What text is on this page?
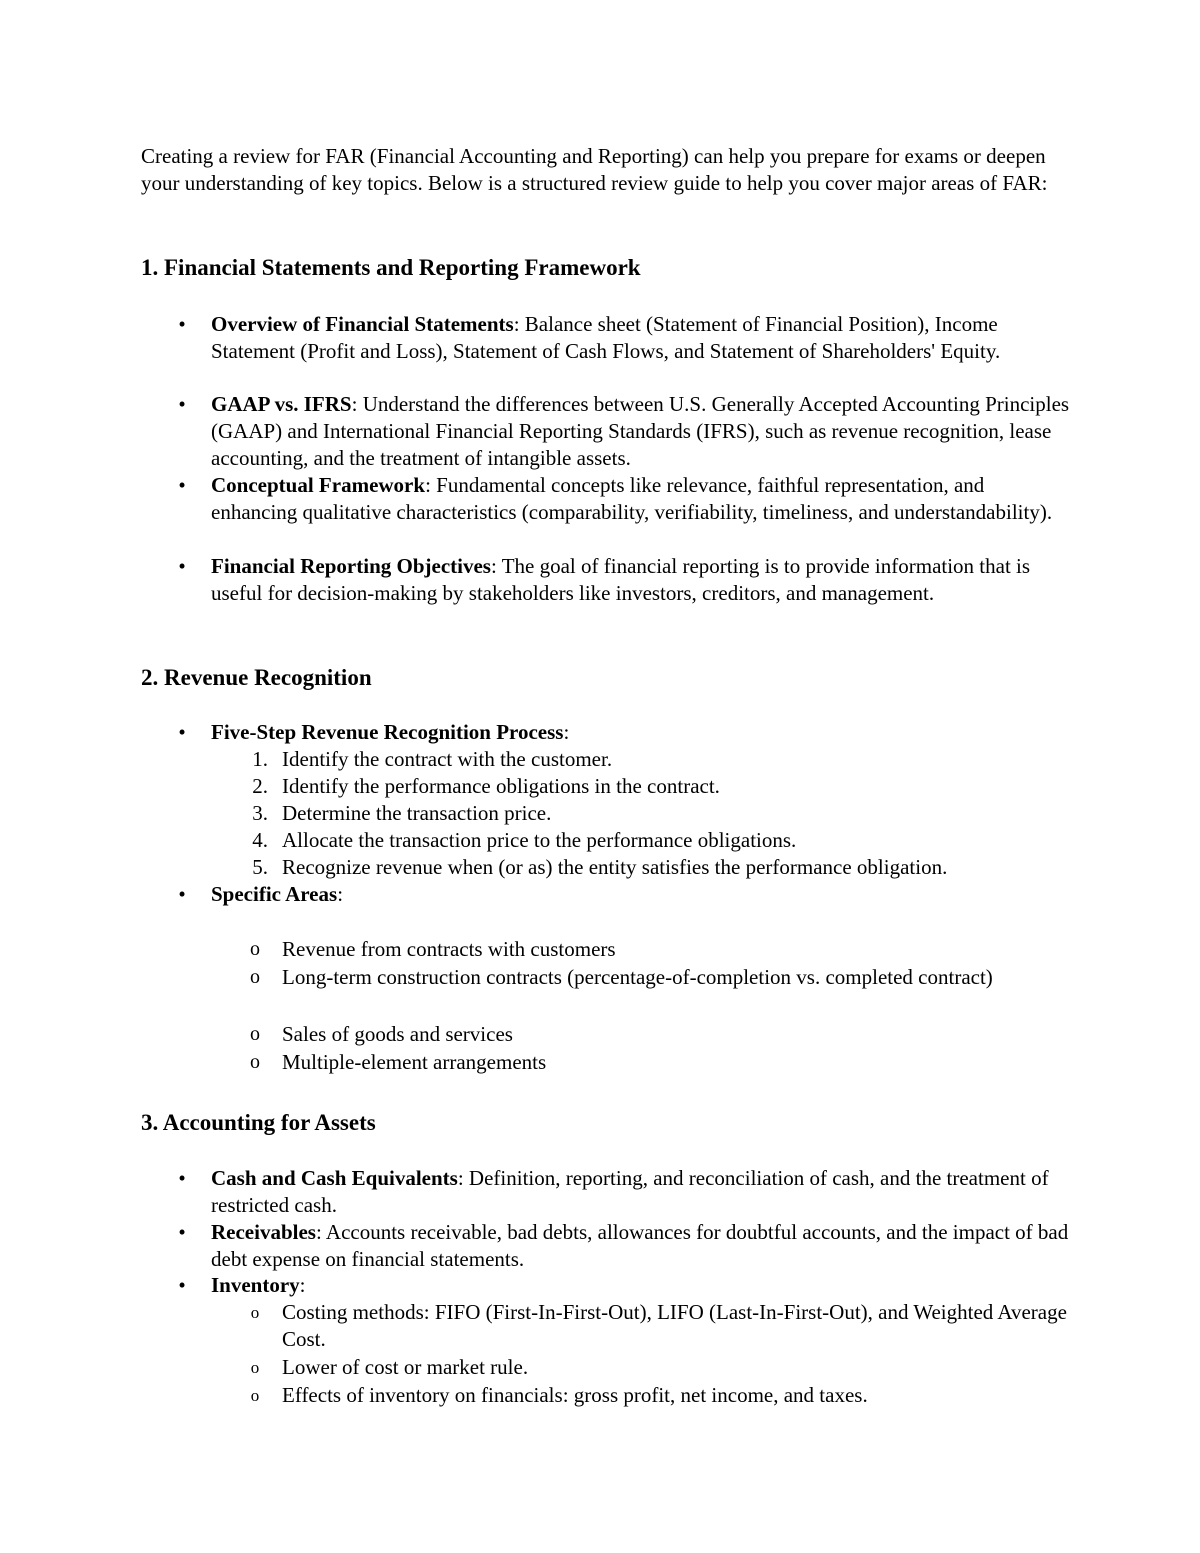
Creating a review for FAR (Financial Accounting and Reporting) can help you prepare for exams or deepen your understanding of key topics. Below is a structured review guide to help you cover major areas of FAR:

1. Financial Statements and Reporting Framework
•	Overview of Financial Statements: Balance sheet (Statement of Financial Position), Income Statement (Profit and Loss), Statement of Cash Flows, and Statement of Shareholders' Equity.
•	GAAP vs. IFRS: Understand the differences between U.S. Generally Accepted Accounting Principles (GAAP) and International Financial Reporting Standards (IFRS), such as revenue recognition, lease accounting, and the treatment of intangible assets.
•	Conceptual Framework: Fundamental concepts like relevance, faithful representation, and enhancing qualitative characteristics (comparability, verifiability, timeliness, and understandability).
•	Financial Reporting Objectives: The goal of financial reporting is to provide information that is useful for decision-making by stakeholders like investors, creditors, and management.
2. Revenue Recognition
•	Five-Step Revenue Recognition Process:
1. Identify the contract with the customer.
2. Identify the performance obligations in the contract.
3. Determine the transaction price.
4. Allocate the transaction price to the performance obligations.
5. Recognize revenue when (or as) the entity satisfies the performance obligation.
•	Specific Areas:
o Revenue from contracts with customers
o Long-term construction contracts (percentage-of-completion vs. completed contract)
o Sales of goods and services
o Multiple-element arrangements
3. Accounting for Assets
•	Cash and Cash Equivalents: Definition, reporting, and reconciliation of cash, and the treatment of restricted cash.
•	Receivables: Accounts receivable, bad debts, allowances for doubtful accounts, and the impact of bad debt expense on financial statements.
•	Inventory:
o Costing methods: FIFO (First-In-First-Out), LIFO (Last-In-First-Out), and Weighted Average Cost.
o Lower of cost or market rule.
o Effects of inventory on financials: gross profit, net income, and taxes.
